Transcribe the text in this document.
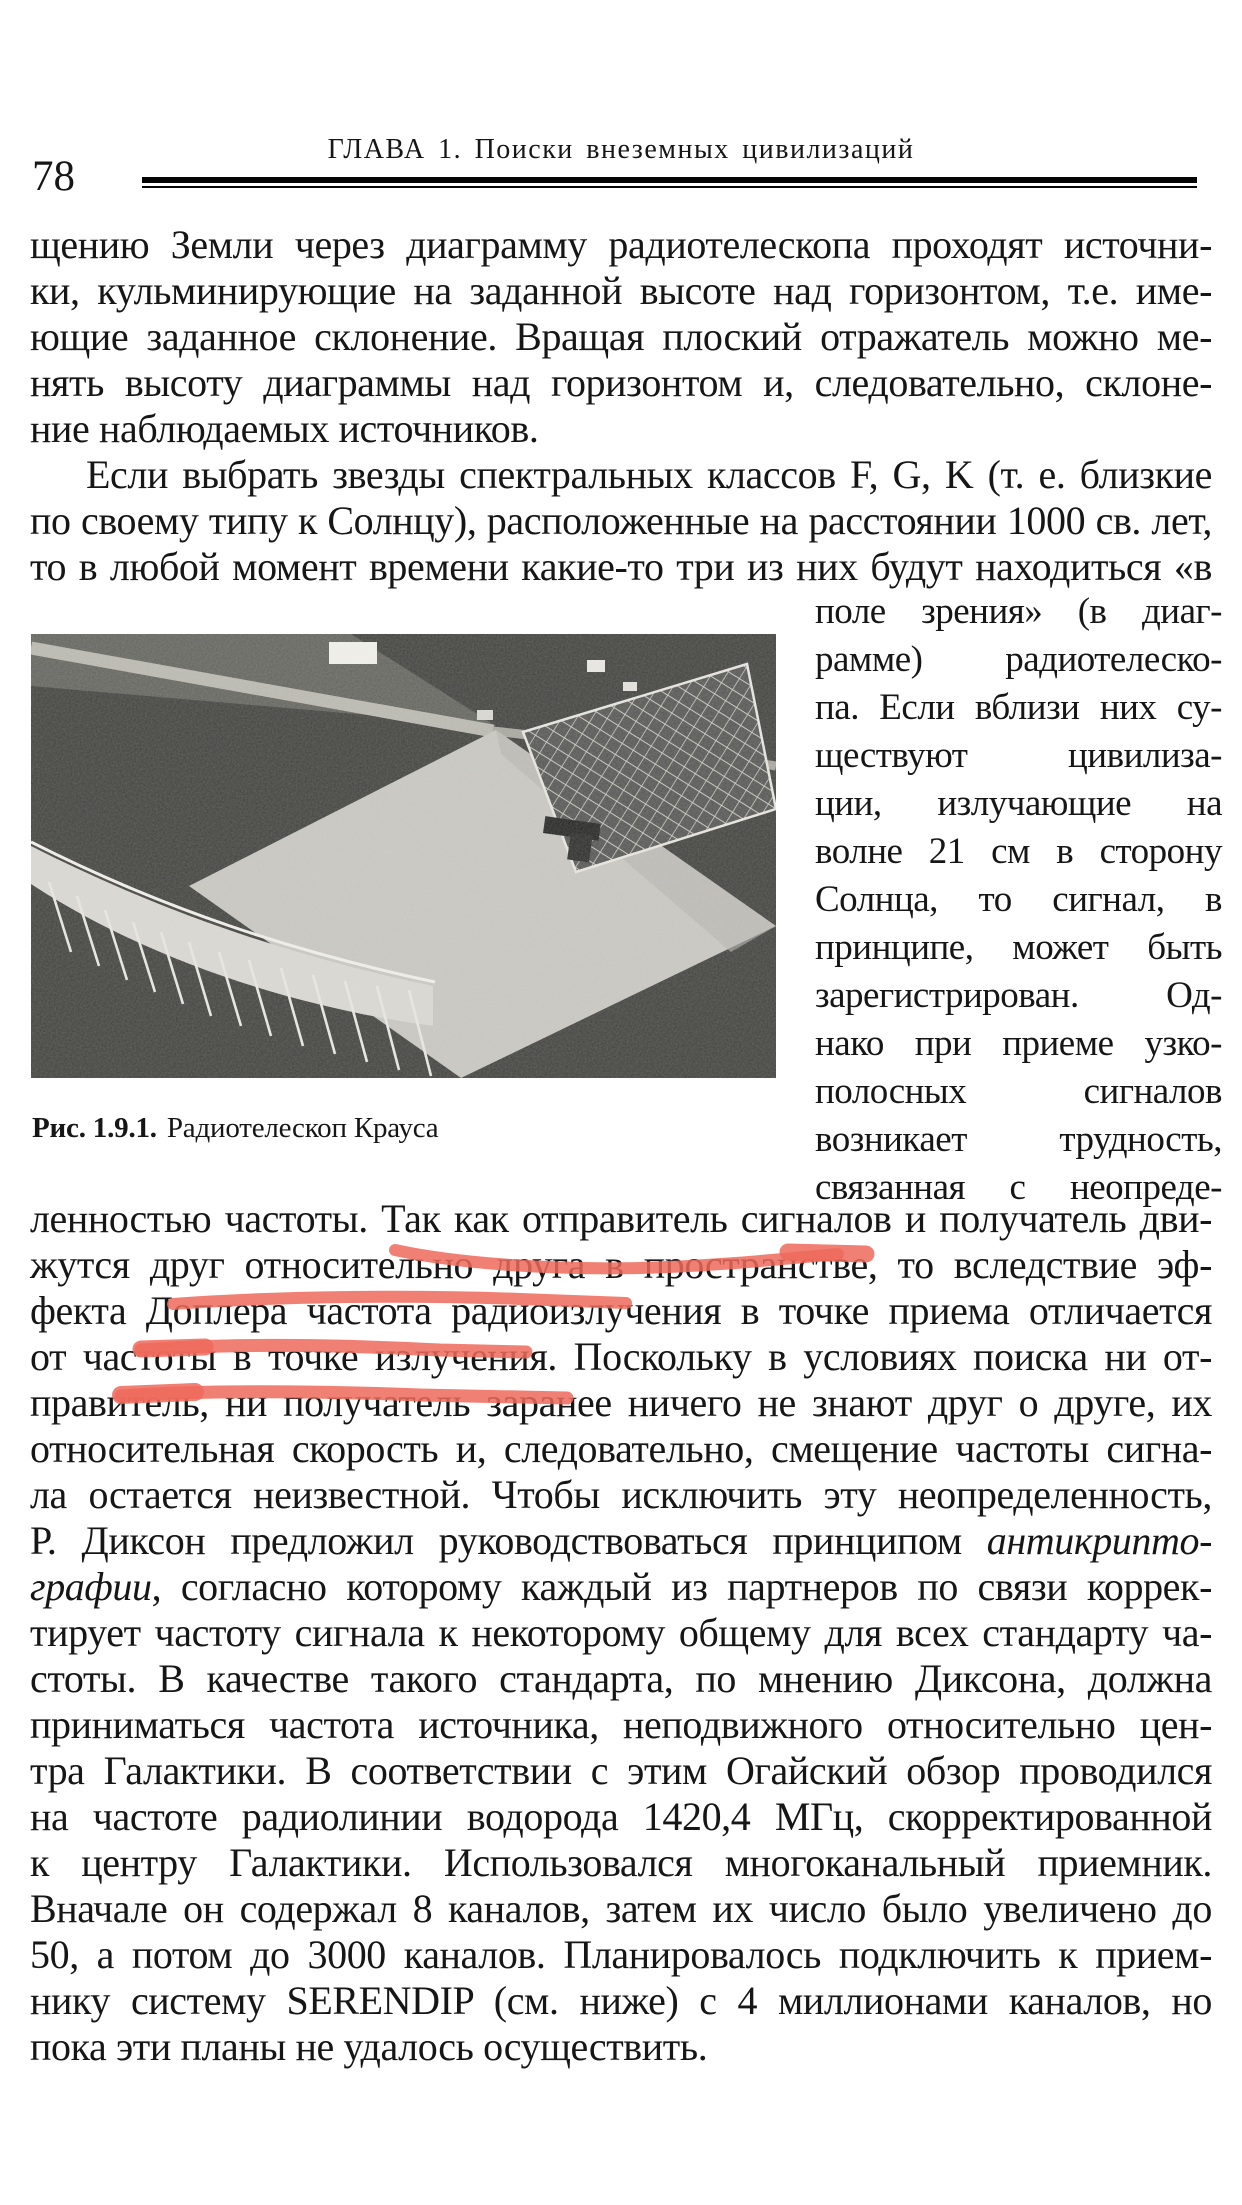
ГЛАВА 1. Поиски внеземных цивилизаций
78
щению Земли через диаграмму радиотелескопа проходят источни-
ки, кульминирующие на заданной высоте над горизонтом, т.е. име-
ющие заданное склонение. Вращая плоский отражатель можно ме-
нять высоту диаграммы над горизонтом и, следовательно, склоне-
ние наблюдаемых источников.
Если выбрать звезды спектральных классов F, G, K (т. е. близкие
по своему типу к Солнцу), расположенные на расстоянии 1000 св. лет,
то в любой момент времени какие-то три из них будут находиться «в
Рис. 1.9.1. Радиотелескоп Крауса
поле зрения» (в диаг-
рамме) радиотелеско-
па. Если вблизи них су-
ществуют цивилиза-
ции, излучающие на
волне 21 см в сторону
Солнца, то сигнал, в
принципе, может быть
зарегистрирован. Од-
нако при приеме узко-
полосных сигналов
возникает трудность,
связанная с неопреде-
ленностью частоты. Так как отправитель сигналов и получатель дви-
жутся друг относительно друга в пространстве, то вследствие эф-
фекта Доплера частота радиоизлучения в точке приема отличается
от частоты в точке излучения. Поскольку в условиях поиска ни от-
правитель, ни получатель заранее ничего не знают друг о друге, их
относительная скорость и, следовательно, смещение частоты сигна-
ла остается неизвестной. Чтобы исключить эту неопределенность,
Р. Диксон предложил руководствоваться принципом антикрипто-
графии, согласно которому каждый из партнеров по связи коррек-
тирует частоту сигнала к некоторому общему для всех стандарту ча-
стоты. В качестве такого стандарта, по мнению Диксона, должна
приниматься частота источника, неподвижного относительно цен-
тра Галактики. В соответствии с этим Огайский обзор проводился
на частоте радиолинии водорода 1420,4 МГц, скорректированной
к центру Галактики. Использовался многоканальный приемник.
Вначале он содержал 8 каналов, затем их число было увеличено до
50, а потом до 3000 каналов. Планировалось подключить к прием-
нику систему SERENDIP (см. ниже) с 4 миллионами каналов, но
пока эти планы не удалось осуществить.
